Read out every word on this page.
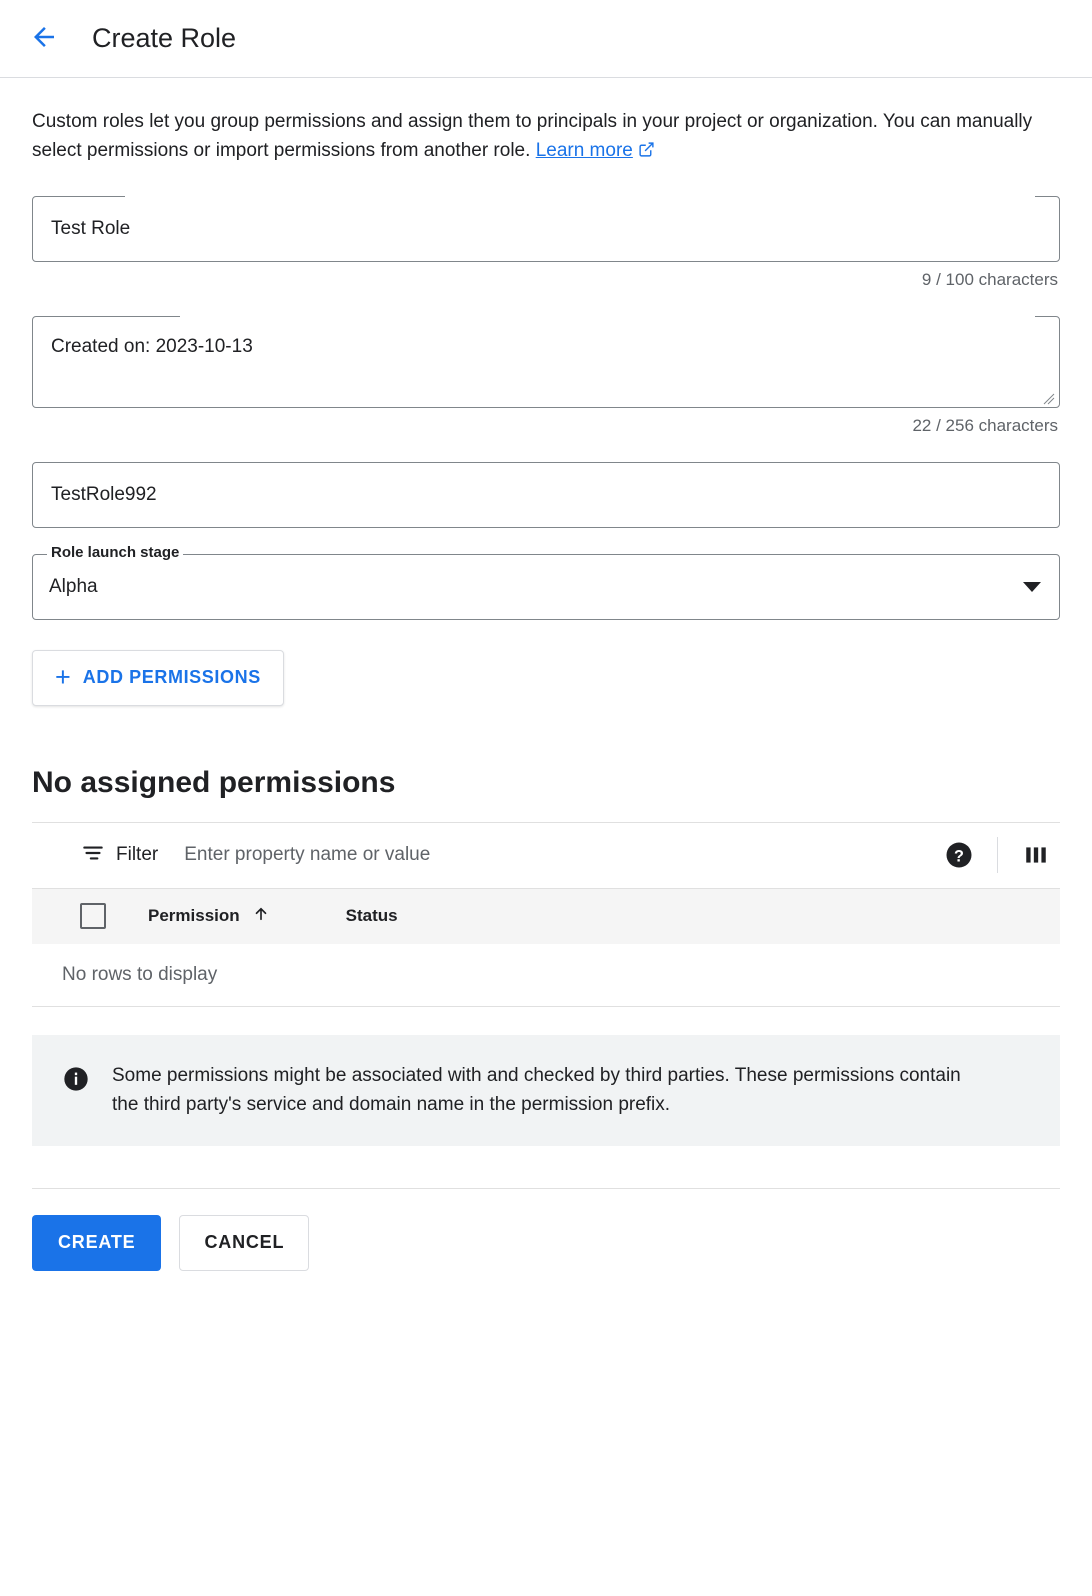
Create Role

Custom roles let you group permissions and assign them to principals in your project or organization. You can manually select permissions or import permissions from another role. Learn more

Test Role
9 / 100 characters
Created on: 2023-10-13
22 / 256 characters
TestRole992
Role launch stage
Alpha
+ ADD PERMISSIONS
No assigned permissions
Filter
Enter property name or value	?
Permission	Status
No rows to display
Some permissions might be associated with and checked by third parties. These permissions contain the third party's service and domain name in the permission prefix.
CREATE	CANCEL
